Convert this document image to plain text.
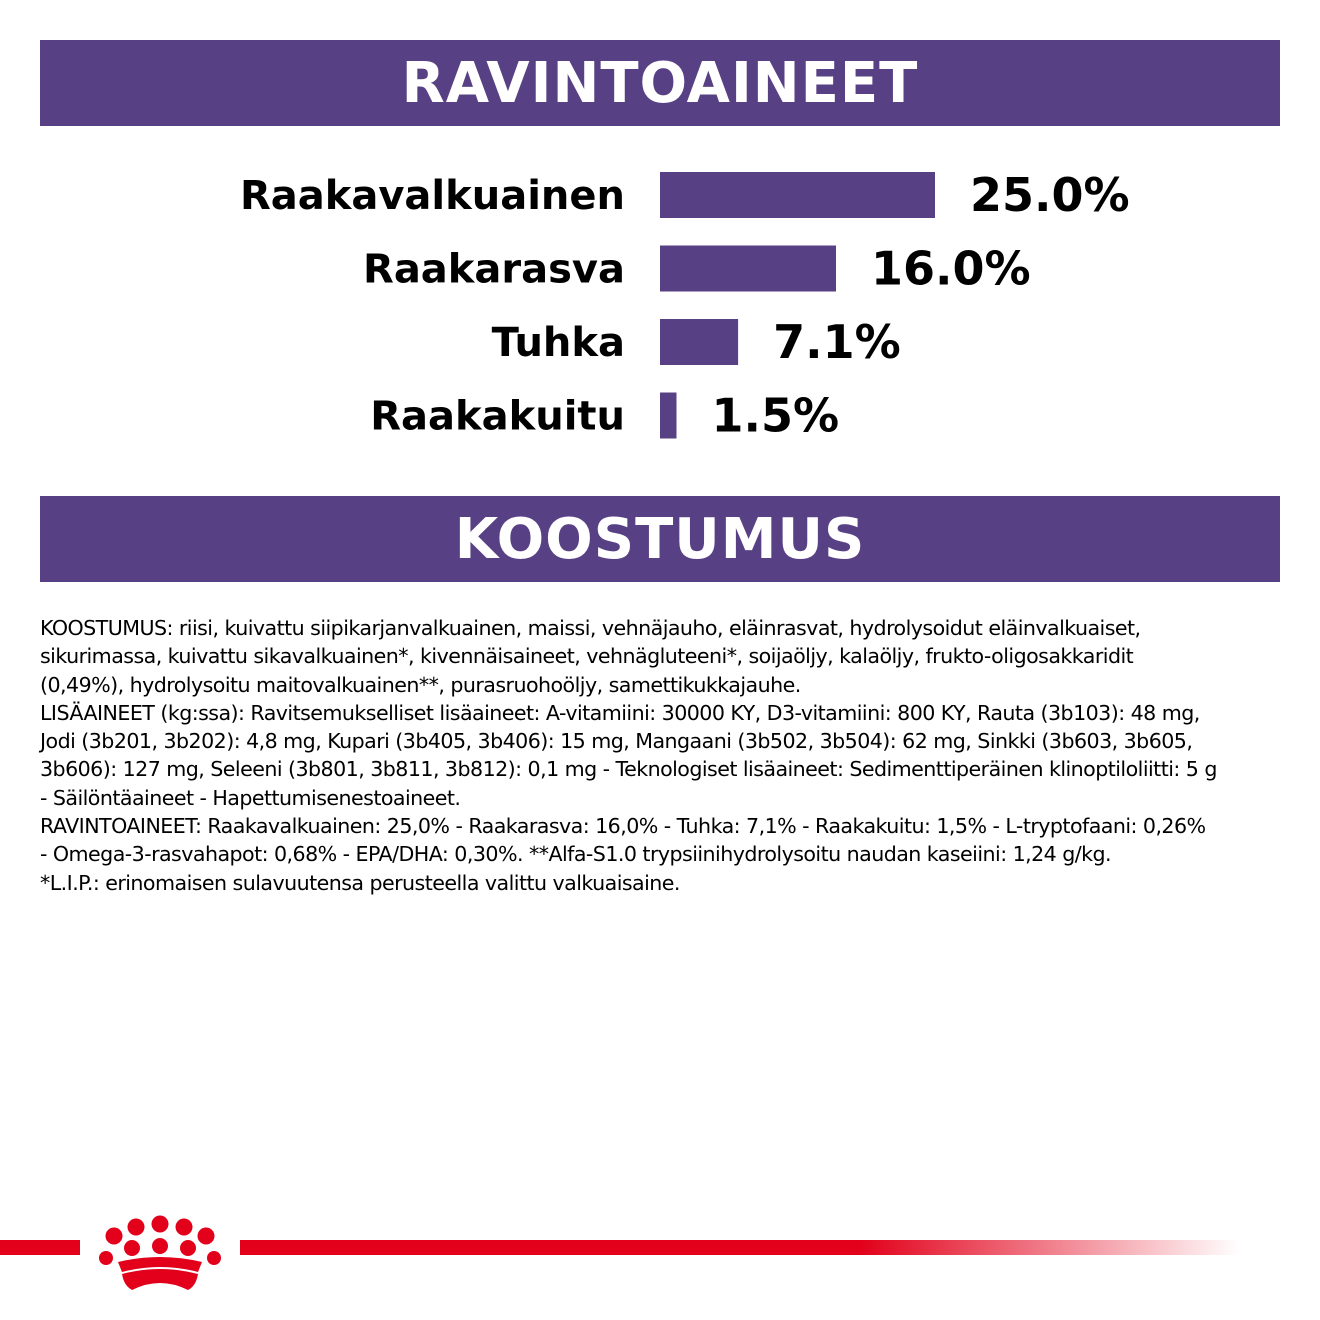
RAVINTOAINEET
Raakavalkuainen	25.0%
Raakarasva	16.0%
Tuhka	7.1%
Raakakuitu 1.5%
KOOSTUMUS

KOOSTUMUS: riisi, kuivattu siipikarjanvalkuainen, maissi, vehnäjauho, eläinrasvat, hydrolysoidut eläinvalkuaiset,

sikurimassa, kuivattu sikavalkuainen*, kivennäisaineet, vehnägluteeni*, soijaöljy, kalaöljy, frukto-oligosakkaridit

(0,49%), hydrolysoitu maitovalkuainen**, purasruohoöljy, samettikukkajauhe.

LISÄAINEET (kg:ssa): Ravitsemukselliset lisäaineet: A-vitamiini: 30000 KY, D3-vitamiini: 800 KY, Rauta (3b103): 48 mg,

Jodi (3b201, 3b202): 4,8 mg, Kupari (3b405, 3b406): 15 mg, Mangaani (3b502, 3b504): 62 mg, Sinkki (3b603, 3b605,

3b606): 127 mg, Seleeni (3b801, 3b811, 3b812): 0,1 mg - Teknologiset lisäaineet: Sedimenttiperäinen klinoptiloliitti: 5 g

- Säilöntäaineet - Hapettumisenestoaineet.

RAVINTOAINEET: Raakavalkuainen: 25,0% - Raakarasva: 16,0% - Tuhka: 7,1% - Raakakuitu: 1,5% - L-tryptofaani: 0,26%

- Omega-3-rasvahapot: 0,68% - EPA/DHA: 0,30%. **Alfa-S1.0 trypsiinihydrolysoitu naudan kaseiini: 1,24 g/kg.

*L.I.P.: erinomaisen sulavuutensa perusteella valittu valkuaisaine.
